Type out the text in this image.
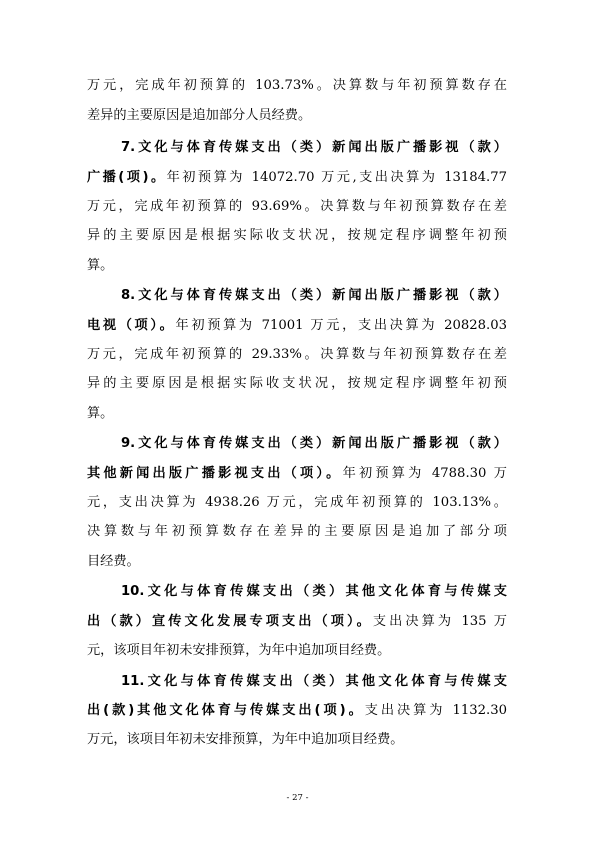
万元，完成年初预算的 103.73%。决算数与年初预算数存在
差异的主要原因是追加部分人员经费。
7.文化与体育传媒支出（类）新闻出版广播影视（款）
广播(项)。年初预算为 14072.70 万元,支出决算为 13184.77
万元，完成年初预算的 93.69%。决算数与年初预算数存在差
异的主要原因是根据实际收支状况，按规定程序调整年初预
算。
8.文化与体育传媒支出（类）新闻出版广播影视（款）
电视（项）。年初预算为 71001 万元，支出决算为 20828.03
万元，完成年初预算的 29.33%。决算数与年初预算数存在差
异的主要原因是根据实际收支状况，按规定程序调整年初预
算。
9.文化与体育传媒支出（类）新闻出版广播影视（款）
其他新闻出版广播影视支出（项）。年初预算为 4788.30 万
元，支出决算为 4938.26 万元，完成年初预算的 103.13%。
决算数与年初预算数存在差异的主要原因是追加了部分项
目经费。
10.文化与体育传媒支出（类）其他文化体育与传媒支
出（款）宣传文化发展专项支出（项）。支出决算为 135 万
元，该项目年初未安排预算，为年中追加项目经费。
11.文化与体育传媒支出（类）其他文化体育与传媒支
出(款)其他文化体育与传媒支出(项)。支出决算为 1132.30
万元，该项目年初未安排预算，为年中追加项目经费。
- 27 -
